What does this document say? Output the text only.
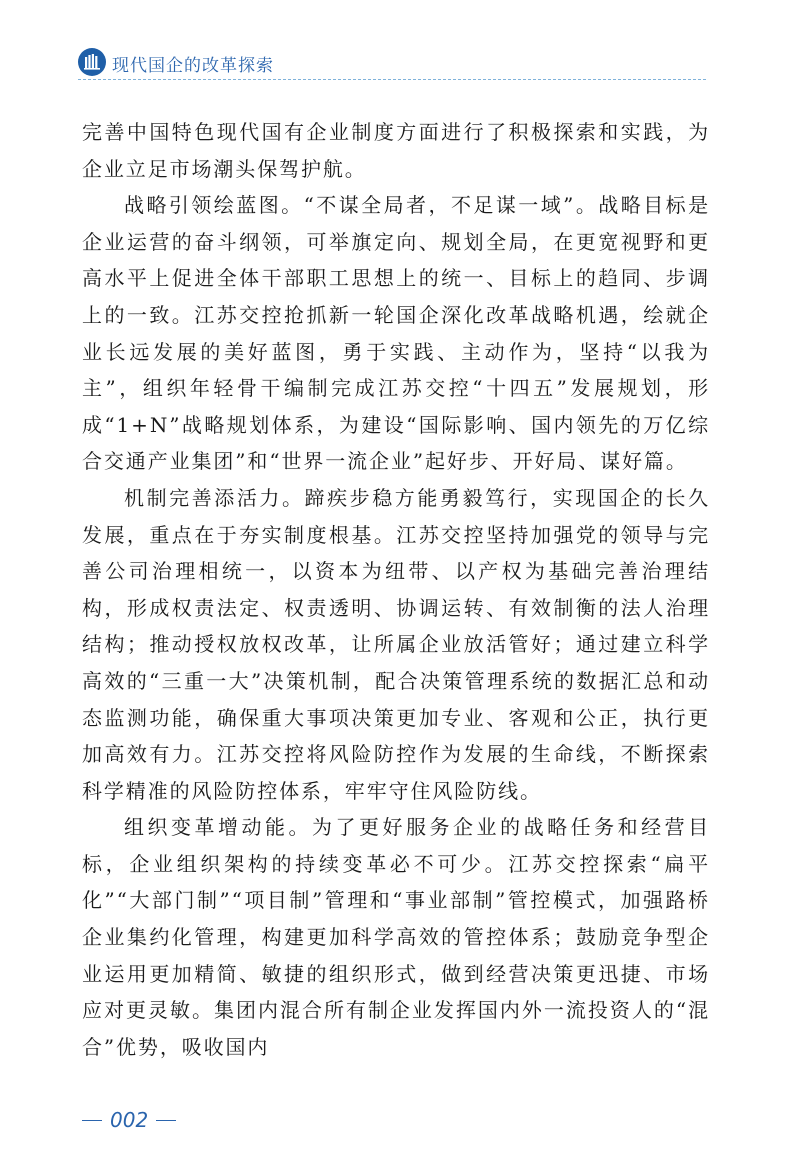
现代国企的改革探索

完善中国特色现代国有企业制度方面进行了积极探索和实践，为企业立足市场潮头保驾护航。

战略引领绘蓝图。“不谋全局者，不足谋一域”。战略目标是企业运营的奋斗纲领，可举旗定向、规划全局，在更宽视野和更高水平上促进全体干部职工思想上的统一、目标上的趋同、步调上的一致。江苏交控抢抓新一轮国企深化改革战略机遇，绘就企业长远发展的美好蓝图，勇于实践、主动作为，坚持“以我为主”，组织年轻骨干编制完成江苏交控“十四五”发展规划，形成“1+N”战略规划体系，为建设“国际影响、国内领先的万亿综合交通产业集团”和“世界一流企业”起好步、开好局、谋好篇。

机制完善添活力。蹄疾步稳方能勇毅笃行，实现国企的长久发展，重点在于夯实制度根基。江苏交控坚持加强党的领导与完善公司治理相统一，以资本为纽带、以产权为基础完善治理结构，形成权责法定、权责透明、协调运转、有效制衡的法人治理结构；推动授权放权改革，让所属企业放活管好；通过建立科学高效的“三重一大”决策机制，配合决策管理系统的数据汇总和动态监测功能，确保重大事项决策更加专业、客观和公正，执行更加高效有力。江苏交控将风险防控作为发展的生命线，不断探索科学精准的风险防控体系，牢牢守住风险防线。

组织变革增动能。为了更好服务企业的战略任务和经营目标，企业组织架构的持续变革必不可少。江苏交控探索“扁平化”“大部门制”“项目制”管理和“事业部制”管控模式，加强路桥企业集约化管理，构建更加科学高效的管控体系；鼓励竞争型企业运用更加精简、敏捷的组织形式，做到经营决策更迅捷、市场应对更灵敏。集团内混合所有制企业发挥国内外一流投资人的“混合”优势，吸收国内

002
